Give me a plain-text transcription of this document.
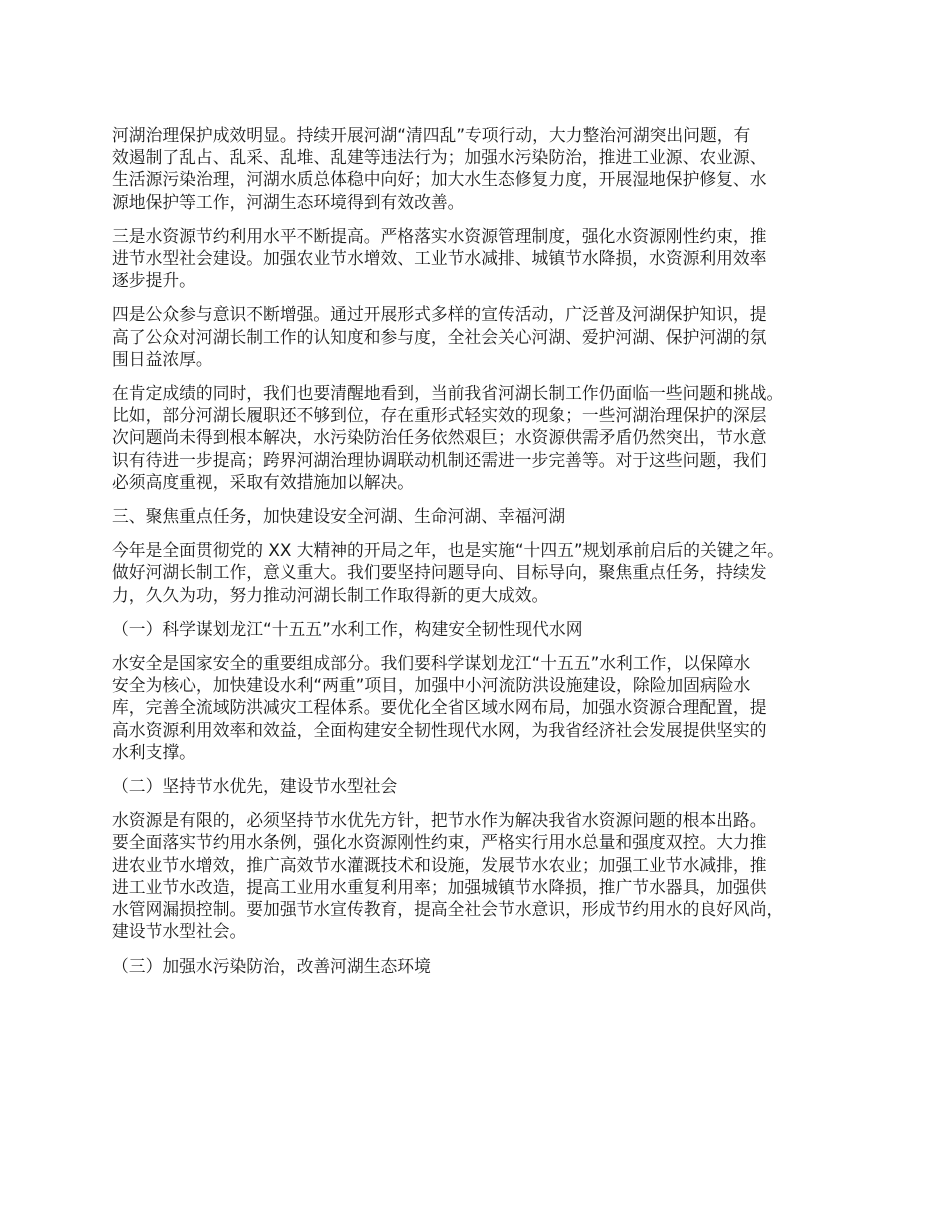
河湖治理保护成效明显。持续开展河湖“清四乱”专项行动，大力整治河湖突出问题，有
效遏制了乱占、乱采、乱堆、乱建等违法行为；加强水污染防治，推进工业源、农业源、
生活源污染治理，河湖水质总体稳中向好；加大水生态修复力度，开展湿地保护修复、水
源地保护等工作，河湖生态环境得到有效改善。

三是水资源节约利用水平不断提高。严格落实水资源管理制度，强化水资源刚性约束，推
进节水型社会建设。加强农业节水增效、工业节水减排、城镇节水降损，水资源利用效率
逐步提升。

四是公众参与意识不断增强。通过开展形式多样的宣传活动，广泛普及河湖保护知识，提
高了公众对河湖长制工作的认知度和参与度，全社会关心河湖、爱护河湖、保护河湖的氛
围日益浓厚。

在肯定成绩的同时，我们也要清醒地看到，当前我省河湖长制工作仍面临一些问题和挑战。
比如，部分河湖长履职还不够到位，存在重形式轻实效的现象；一些河湖治理保护的深层
次问题尚未得到根本解决，水污染防治任务依然艰巨；水资源供需矛盾仍然突出，节水意
识有待进一步提高；跨界河湖治理协调联动机制还需进一步完善等。对于这些问题，我们
必须高度重视，采取有效措施加以解决。

三、聚焦重点任务，加快建设安全河湖、生命河湖、幸福河湖

今年是全面贯彻党的 XX 大精神的开局之年，也是实施“十四五”规划承前启后的关键之年。
做好河湖长制工作，意义重大。我们要坚持问题导向、目标导向，聚焦重点任务，持续发
力，久久为功，努力推动河湖长制工作取得新的更大成效。

（一）科学谋划龙江“十五五”水利工作，构建安全韧性现代水网

水安全是国家安全的重要组成部分。我们要科学谋划龙江“十五五”水利工作，以保障水
安全为核心，加快建设水利“两重”项目，加强中小河流防洪设施建设，除险加固病险水
库，完善全流域防洪减灾工程体系。要优化全省区域水网布局，加强水资源合理配置，提
高水资源利用效率和效益，全面构建安全韧性现代水网，为我省经济社会发展提供坚实的
水利支撑。

（二）坚持节水优先，建设节水型社会

水资源是有限的，必须坚持节水优先方针，把节水作为解决我省水资源问题的根本出路。
要全面落实节约用水条例，强化水资源刚性约束，严格实行用水总量和强度双控。大力推
进农业节水增效，推广高效节水灌溉技术和设施，发展节水农业；加强工业节水减排，推
进工业节水改造，提高工业用水重复利用率；加强城镇节水降损，推广节水器具，加强供
水管网漏损控制。要加强节水宣传教育，提高全社会节水意识，形成节约用水的良好风尚，
建设节水型社会。

（三）加强水污染防治，改善河湖生态环境
